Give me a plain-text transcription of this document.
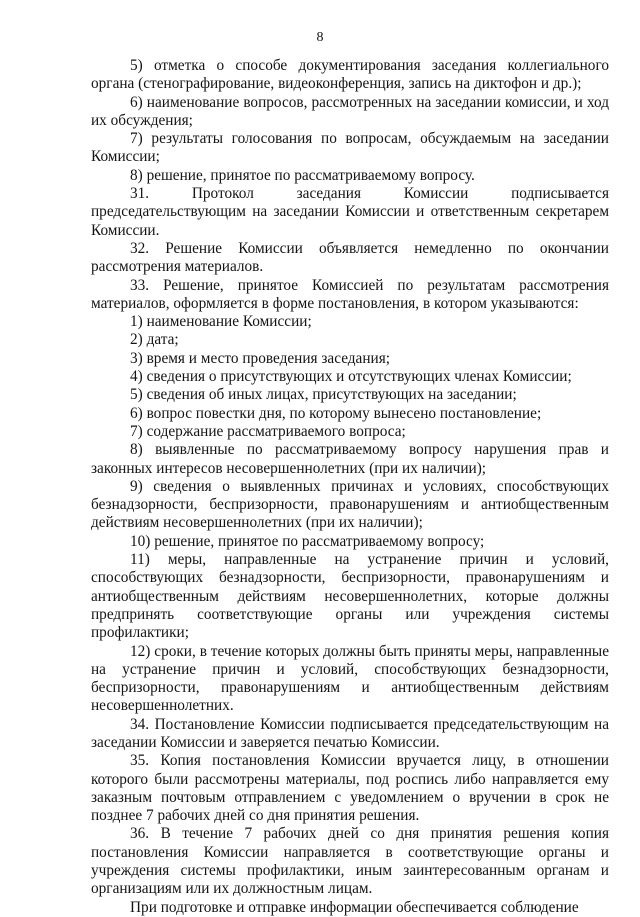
8

5) отметка о способе документирования заседания коллегиального органа (стенографирование, видеоконференция, запись на диктофон и др.);

6) наименование вопросов, рассмотренных на заседании комиссии, и ход их обсуждения;

7) результаты голосования по вопросам, обсуждаемым на заседании Комиссии;

8) решение, принятое по рассматриваемому вопросу.

31. Протокол заседания Комиссии подписывается председательствующим на заседании Комиссии и ответственным секретарем Комиссии.

32. Решение Комиссии объявляется немедленно по окончании рассмотрения материалов.

33. Решение, принятое Комиссией по результатам рассмотрения материалов, оформляется в форме постановления, в котором указываются:

1) наименование Комиссии;

2) дата;

3) время и место проведения заседания;

4) сведения о присутствующих и отсутствующих членах Комиссии;

5) сведения об иных лицах, присутствующих на заседании;

6) вопрос повестки дня, по которому вынесено постановление;

7) содержание рассматриваемого вопроса;

8) выявленные по рассматриваемому вопросу нарушения прав и законных интересов несовершеннолетних (при их наличии);

9) сведения о выявленных причинах и условиях, способствующих безнадзорности, беспризорности, правонарушениям и антиобщественным действиям несовершеннолетних (при их наличии);

10) решение, принятое по рассматриваемому вопросу;

11) меры, направленные на устранение причин и условий, способствующих безнадзорности, беспризорности, правонарушениям и антиобщественным действиям несовершеннолетних, которые должны предпринять соответствующие органы или учреждения системы профилактики;

12) сроки, в течение которых должны быть приняты меры, направленные на устранение причин и условий, способствующих безнадзорности, беспризорности, правонарушениям и антиобщественным действиям несовершеннолетних.

34. Постановление Комиссии подписывается председательствующим на заседании Комиссии и заверяется печатью Комиссии.

35. Копия постановления Комиссии вручается лицу, в отношении которого были рассмотрены материалы, под роспись либо направляется ему заказным почтовым отправлением с уведомлением о вручении в срок не позднее 7 рабочих дней со дня принятия решения.

36. В течение 7 рабочих дней со дня принятия решения копия постановления Комиссии направляется в соответствующие органы и учреждения системы профилактики, иным заинтересованным органам и организациям или их должностным лицам.

При подготовке и отправке информации обеспечивается соблюдение
